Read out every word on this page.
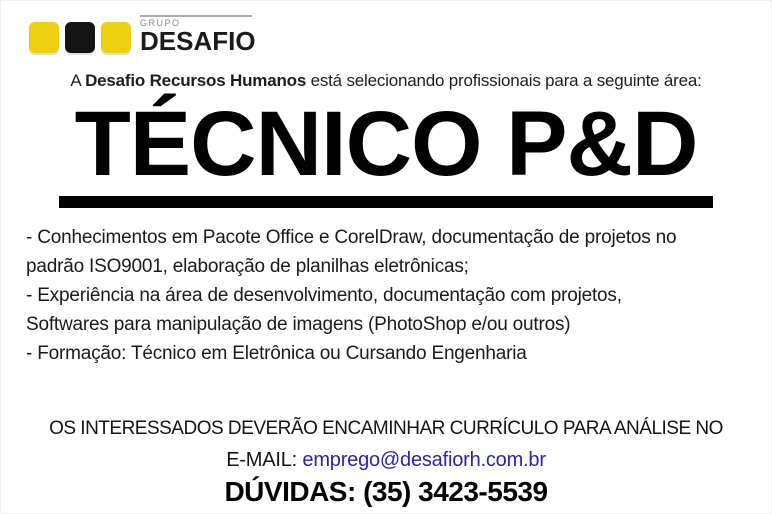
GRUPO
DESAFIO
A Desafio Recursos Humanos está selecionando profissionais para a seguinte área:
TÉCNICO P&D
- Conhecimentos em Pacote Office e CorelDraw, documentação de projetos no
padrão ISO9001, elaboração de planilhas eletrônicas;
- Experiência na área de desenvolvimento, documentação com projetos,
Softwares para manipulação de imagens (PhotoShop e/ou outros)
- Formação: Técnico em Eletrônica ou Cursando Engenharia
OS INTERESSADOS DEVERÃO ENCAMINHAR CURRÍCULO PARA ANÁLISE NO
E-MAIL: emprego@desafiorh.com.br
DÚVIDAS: (35) 3423-5539
